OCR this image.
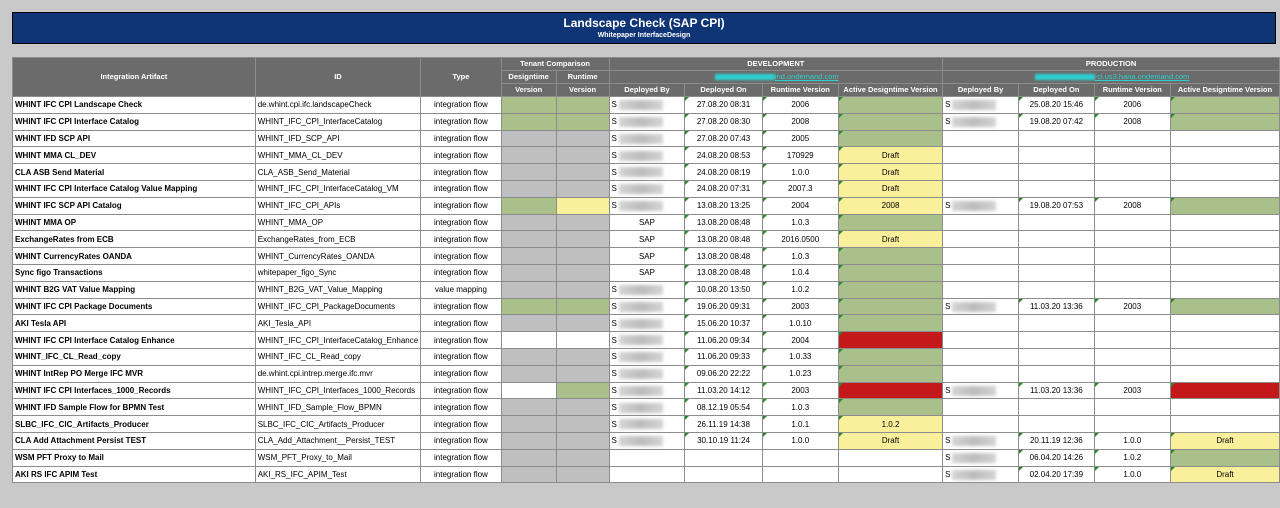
Landscape Check (SAP CPI)
Whitepaper InterfaceDesign
Integration Artifact	ID	Type	Tenant Comparison		DEVELOPMENT				PRODUCTION			
			Designtime	Runtime	ind.ondemand.com				-ci.us3.hana.ondemand.com			
			Version	Version	Deployed By	Deployed On	Runtime Version	Active Designtime Version	Deployed By	Deployed On	Runtime Version	Active Designtime Version
WHINT IFC CPI Landscape Check	de.whint.cpi.ifc.landscapeCheck	integration flow			S	27.08.20 08:31	2006		S	25.08.20 15:46	2006

WHINT IFC CPI Interface Catalog	WHINT_IFC_CPI_InterfaceCatalog	integration flow			S	27.08.20 08:30	2008		S	19.08.20 07:42	2008

WHINT IFD SCP API	WHINT_IFD_SCP_API	integration flow			S	27.08.20 07:43	2005

WHINT MMA CL_DEV	WHINT_MMA_CL_DEV	integration flow			S	24.08.20 08:53	170929	Draft

CLA ASB Send Material	CLA_ASB_Send_Material	integration flow			S	24.08.20 08:19	1.0.0	Draft

WHINT IFC CPI Interface Catalog Value Mapping	WHINT_IFC_CPI_InterfaceCatalog_VM	integration flow			S	24.08.20 07:31	2007.3	Draft

WHINT IFC SCP API Catalog	WHINT_IFC_CPI_APIs	integration flow			S	13.08.20 13:25	2004	2008	S	19.08.20 07:53	2008

WHINT MMA OP	WHINT_MMA_OP	integration flow			SAP	13.08.20 08:48	1.0.3

ExchangeRates from ECB	ExchangeRates_from_ECB	integration flow			SAP	13.08.20 08:48	2016.0500	Draft

WHINT CurrencyRates OANDA	WHINT_CurrencyRates_OANDA	integration flow			SAP	13.08.20 08:48	1.0.3

Sync figo Transactions	whitepaper_figo_Sync	integration flow			SAP	13.08.20 08:48	1.0.4

WHINT B2G VAT Value Mapping	WHINT_B2G_VAT_Value_Mapping	value mapping			S	10.08.20 13:50	1.0.2

WHINT IFC CPI Package Documents	WHINT_IFC_CPI_PackageDocuments	integration flow			S	19.06.20 09:31	2003		S	11.03.20 13:36	2003

AKI Tesla API	AKI_Tesla_API	integration flow			S	15.06.20 10:37	1.0.10

WHINT IFC CPI Interface Catalog Enhance	WHINT_IFC_CPI_InterfaceCatalog_Enhance	integration flow			S	11.06.20 09:34	2004

WHINT_IFC_CL_Read_copy	WHINT_IFC_CL_Read_copy	integration flow			S	11.06.20 09:33	1.0.33

WHINT IntRep PO Merge IFC MVR	de.whint.cpi.intrep.merge.ifc.mvr	integration flow			S	09.06.20 22:22	1.0.23

WHINT IFC CPI Interfaces_1000_Records	WHINT_IFC_CPI_Interfaces_1000_Records	integration flow			S	11.03.20 14:12	2003		S	11.03.20 13:36	2003

WHINT IFD Sample Flow for BPMN Test	WHINT_IFD_Sample_Flow_BPMN	integration flow			S	08.12.19 05:54	1.0.3

SLBC_IFC_CIC_Artifacts_Producer	SLBC_IFC_CIC_Artifacts_Producer	integration flow			S	26.11.19 14:38	1.0.1	1.0.2

CLA Add Attachment Persist TEST	CLA_Add_Attachment__Persist_TEST	integration flow			S	30.10.19 11:24	1.0.0	Draft	S	20.11.19 12:36	1.0.0	Draft

WSM PFT Proxy to Mail	WSM_PFT_Proxy_to_Mail	integration flow							S	06.04.20 14:26	1.0.2

AKI RS IFC APIM Test	AKI_RS_IFC_APIM_Test	integration flow							S	02.04.20 17:39	1.0.0	Draft
